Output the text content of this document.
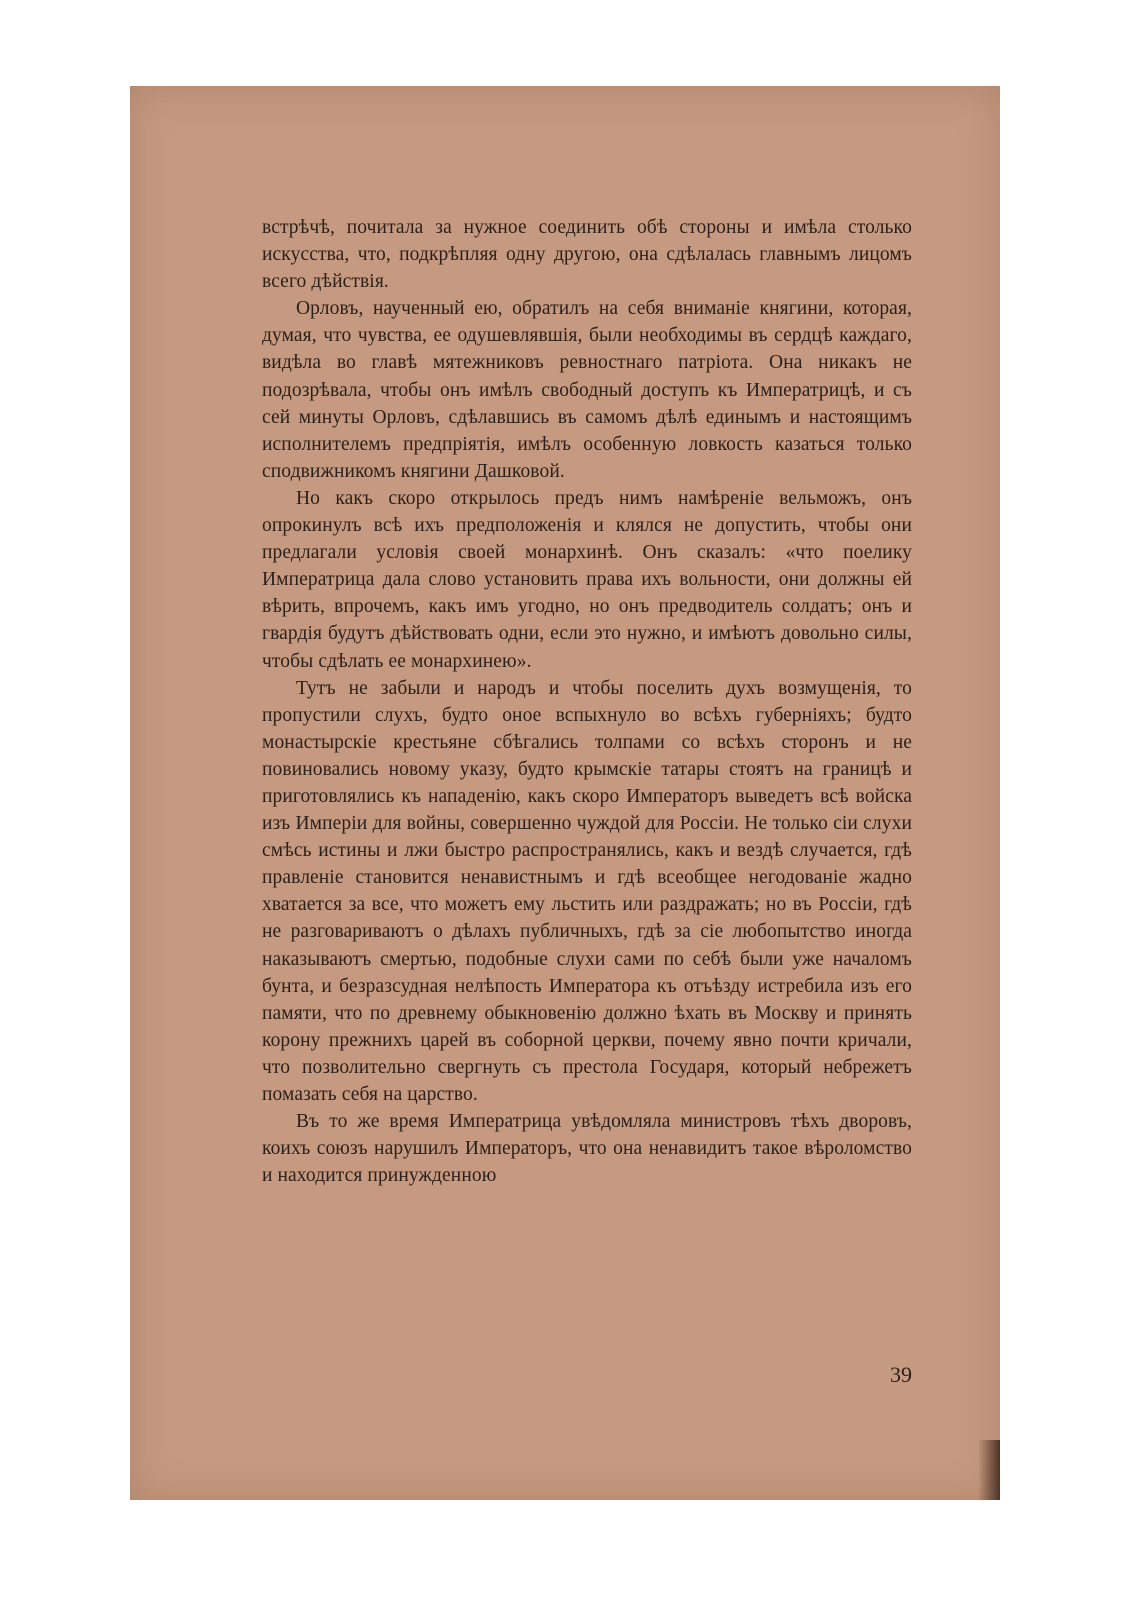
встрѣчѣ, почитала за нужное соединить обѣ стороны и имѣла столько искусства, что, подкрѣпляя одну другою, она сдѣлалась главнымъ лицомъ всего дѣйствія.

Орловъ, наученный ею, обратилъ на себя вниманіе княгини, которая, думая, что чувства, ее одушевлявшія, были необходимы въ сердцѣ каждаго, видѣла во главѣ мятежниковъ ревностнаго патріота. Она никакъ не подозрѣвала, чтобы онъ имѣлъ свободный доступъ къ Императрицѣ, и съ сей минуты Орловъ, сдѣлавшись въ самомъ дѣлѣ единымъ и настоящимъ исполнителемъ предпріятія, имѣлъ особенную ловкость казаться только сподвижникомъ княгини Дашковой.

Но какъ скоро открылось предъ нимъ намѣреніе вельможъ, онъ опрокинулъ всѣ ихъ предположенія и клялся не допустить, чтобы они предлагали условія своей монархинѣ. Онъ сказалъ: «что поелику Императрица дала слово установить права ихъ вольности, они должны ей вѣрить, впрочемъ, какъ имъ угодно, но онъ предводитель солдатъ; онъ и гвардія будутъ дѣйствовать одни, если это нужно, и имѣютъ довольно силы, чтобы сдѣлать ее монархинею».

Тутъ не забыли и народъ и чтобы поселить духъ возмущенія, то пропустили слухъ, будто оное вспыхнуло во всѣхъ губерніяхъ; будто монастырскіе крестьяне сбѣгались толпами со всѣхъ сторонъ и не повиновались новому указу, будто крымскіе татары стоятъ на границѣ и приготовлялись къ нападенію, какъ скоро Императоръ выведетъ всѣ войска изъ Имперіи для войны, совершенно чуждой для Россіи. Не только сіи слухи смѣсь истины и лжи быстро распространялись, какъ и вездѣ случается, гдѣ правленіе становится ненавистнымъ и гдѣ всеобщее негодованіе жадно хватается за все, что можетъ ему льстить или раздражать; но въ Россіи, гдѣ не разговариваютъ о дѣлахъ публичныхъ, гдѣ за сіе любопытство иногда наказываютъ смертью, подобные слухи сами по себѣ были уже началомъ бунта, и безразсудная нелѣпость Императора къ отъѣзду истребила изъ его памяти, что по древнему обыкновенію должно ѣхать въ Москву и принять корону прежнихъ царей въ соборной церкви, почему явно почти кричали, что позволительно свергнуть съ престола Государя, который небрежетъ помазать себя на царство.

Въ то же время Императрица увѣдомляла министровъ тѣхъ дворовъ, коихъ союзъ нарушилъ Императоръ, что она ненавидитъ такое вѣроломство и находится принужденною

39
